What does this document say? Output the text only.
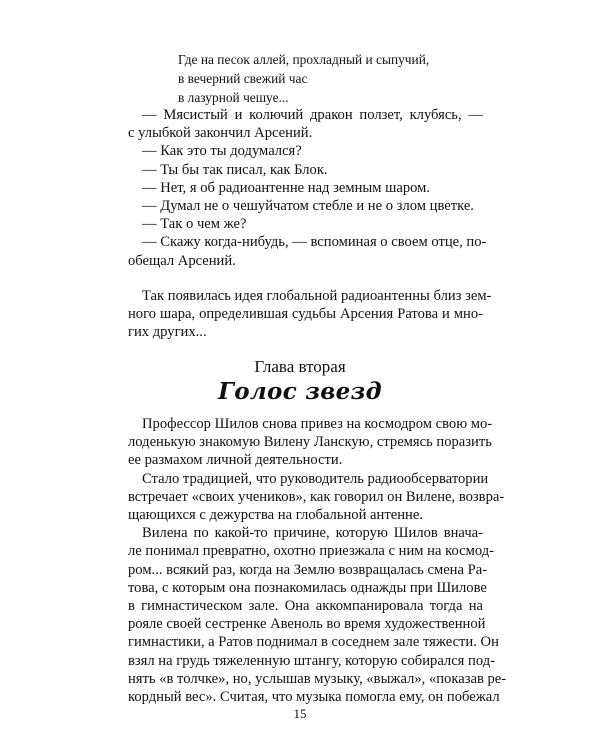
Где на песок аллей, прохладный и сыпучий,
в вечерний свежий час
в лазурной чешуе...
— Мясистый и колючий дракон ползет, клубясь, —
с улыбкой закончил Арсений.
— Как это ты додумался?
— Ты бы так писал, как Блок.
— Нет, я об радиоантенне над земным шаром.
— Думал не о чешуйчатом стебле и не о злом цветке.
— Так о чем же?
— Скажу когда-нибудь, — вспоминая о своем отце, по-
обещал Арсений.
Так появилась идея глобальной радиоантенны близ зем-
ного шара, определившая судьбы Арсения Ратова и мно-
гих других...
Глава вторая
Голос звезд
Профессор Шилов снова привез на космодром свою мо-
лоденькую знакомую Вилену Ланскую, стремясь поразить
ее размахом личной деятельности.
Стало традицией, что руководитель радиообсерватории
встречает «своих учеников», как говорил он Вилене, возвра-
щающихся с дежурства на глобальной антенне.
Вилена по какой-то причине, которую Шилов внача-
ле понимал превратно, охотно приезжала с ним на космод-
ром... всякий раз, когда на Землю возвращалась смена Ра-
това, с которым она познакомилась однажды при Шилове
в гимнастическом зале. Она аккомпанировала тогда на
рояле своей сестренке Авеноль во время художественной
гимнастики, а Ратов поднимал в соседнем зале тяжести. Он
взял на грудь тяжеленную штангу, которую собирался под-
нять «в толчке», но, услышав музыку, «выжал», «показав ре-
кордный вес». Считая, что музыка помогла ему, он побежал
15
